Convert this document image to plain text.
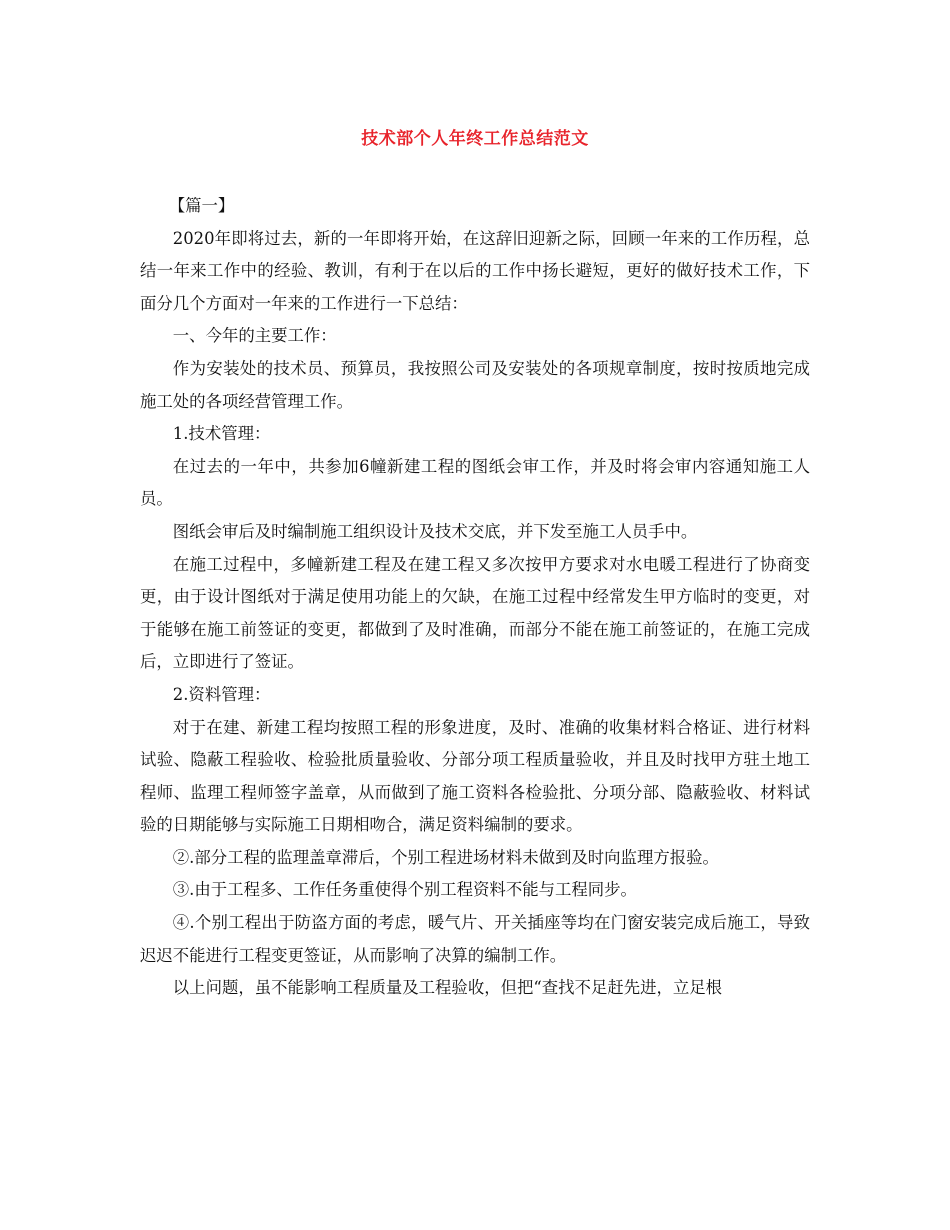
技术部个人年终工作总结范文

【篇一】

2020年即将过去，新的一年即将开始，在这辞旧迎新之际，回顾一年来的工作历程，总结一年来工作中的经验、教训，有利于在以后的工作中扬长避短，更好的做好技术工作，下面分几个方面对一年来的工作进行一下总结：

一、今年的主要工作：

作为安装处的技术员、预算员，我按照公司及安装处的各项规章制度，按时按质地完成施工处的各项经营管理工作。

1.技术管理：

在过去的一年中，共参加6幢新建工程的图纸会审工作，并及时将会审内容通知施工人员。

图纸会审后及时编制施工组织设计及技术交底，并下发至施工人员手中。

在施工过程中，多幢新建工程及在建工程又多次按甲方要求对水电暖工程进行了协商变更，由于设计图纸对于满足使用功能上的欠缺，在施工过程中经常发生甲方临时的变更，对于能够在施工前签证的变更，都做到了及时准确，而部分不能在施工前签证的，在施工完成后，立即进行了签证。

2.资料管理：

对于在建、新建工程均按照工程的形象进度，及时、准确的收集材料合格证、进行材料试验、隐蔽工程验收、检验批质量验收、分部分项工程质量验收，并且及时找甲方驻土地工程师、监理工程师签字盖章，从而做到了施工资料各检验批、分项分部、隐蔽验收、材料试验的日期能够与实际施工日期相吻合，满足资料编制的要求。

②.部分工程的监理盖章滞后，个别工程进场材料未做到及时向监理方报验。

③.由于工程多、工作任务重使得个别工程资料不能与工程同步。

④.个别工程出于防盗方面的考虑，暖气片、开关插座等均在门窗安装完成后施工，导致迟迟不能进行工程变更签证，从而影响了决算的编制工作。

以上问题，虽不能影响工程质量及工程验收，但把“查找不足赶先进，立足根
